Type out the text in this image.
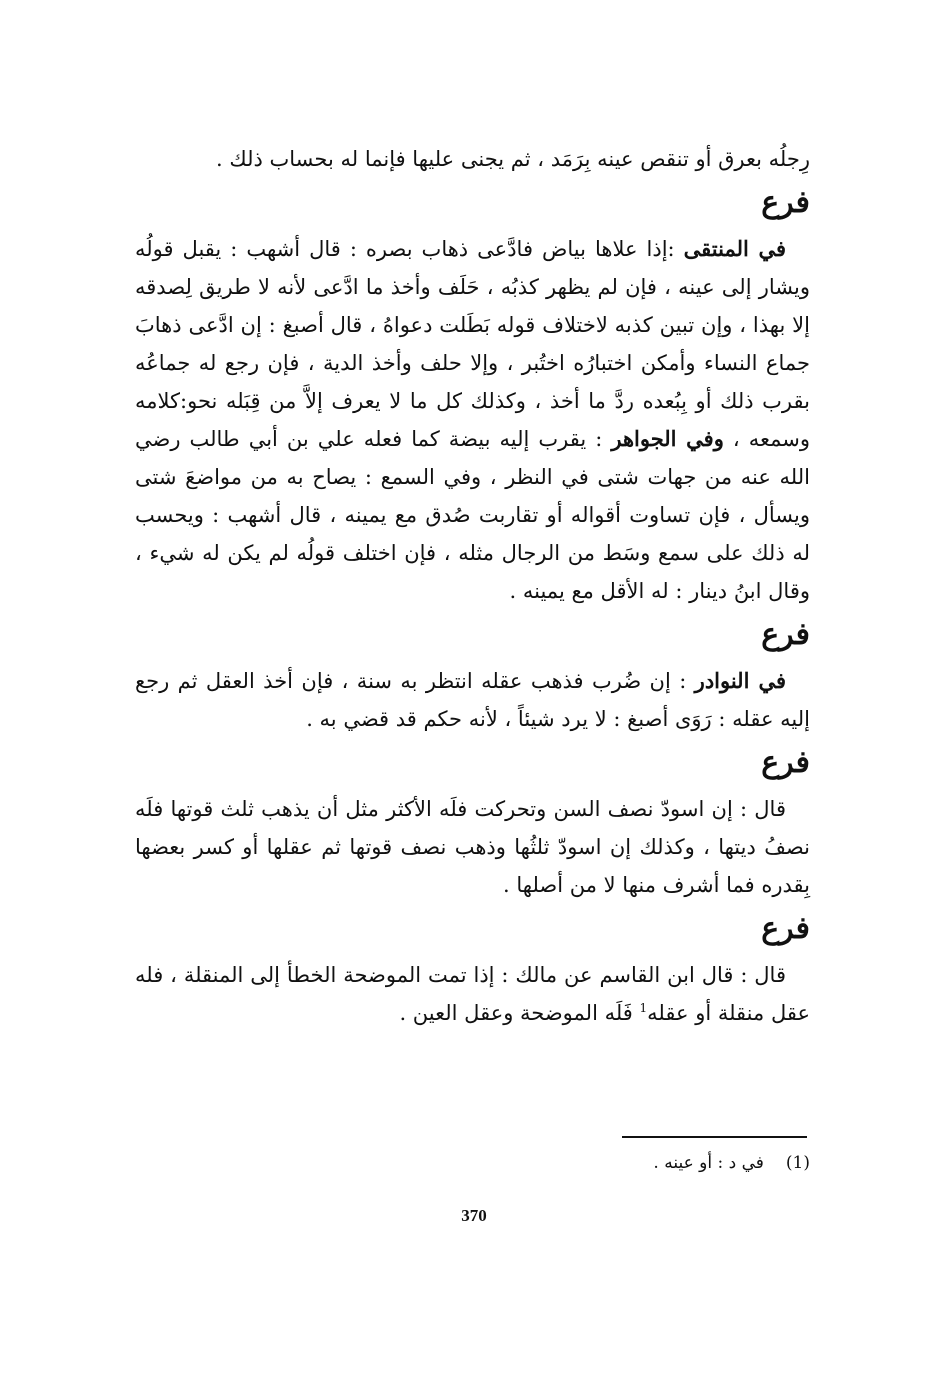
رِجلُه بعرق أو تنقص عينه بِرَمَد ، ثم يجنى عليها فإنما له بحساب ذلك .

فرع

في المنتقى :إذا علاها بياض فادَّعى ذهاب بصره : قال أشهب : يقبل قولُه ويشار إلى عينه ، فإن لم يظهر كذبُه ، حَلَف وأخذ ما ادَّعى لأنه لا طريق لِصدقه إلا بهذا ، وإن تبين كذبه لاختلاف قوله بَطَلت دعواهُ ، قال أصبغ : إن ادَّعى ذهابَ جماع النساء وأمكن اختبارُه اختُبر ، وإلا حلف وأخذ الدية ، فإن رجع له جماعُه بقرب ذلك أو بِبُعده ردَّ ما أخذ ، وكذلك كل ما لا يعرف إلاَّ من قِبَله نحو:كلامه وسمعه ، وفي الجواهر : يقرب إليه بيضة كما فعله علي بن أبي طالب رضي الله عنه من جهات شتى في النظر ، وفي السمع : يصاح به من مواضعَ شتى ويسأل ، فإن تساوت أقواله أو تقاربت صُدق مع يمينه ، قال أشهب : ويحسب له ذلك على سمع وسَط من الرجال مثله ، فإن اختلف قولُه لم يكن له شيء ، وقال ابنُ دينار : له الأقل مع يمينه .

فرع

في النوادر : إن ضُرب فذهب عقله انتظر به سنة ، فإن أخذ العقل ثم رجع إليه عقله : رَوَى أصبغ : لا يرد شيئاً ، لأنه حكم قد قضي به .

فرع

قال : إن اسودّ نصف السن وتحركت فلَه الأكثر مثل أن يذهب ثلث قوتها فلَه نصفُ ديتها ، وكذلك إن اسودّ ثلثُها وذهب نصف قوتها ثم عقلها أو كسر بعضها بِقدره فما أشرف منها لا من أصلها .

فرع

قال : قال ابن القاسم عن مالك : إذا تمت الموضحة الخطأ إلى المنقلة ، فله عقل منقلة أو عقله$^1$ فَلَه الموضحة وعقل العين .

(1)في د : أو عينه .
370
